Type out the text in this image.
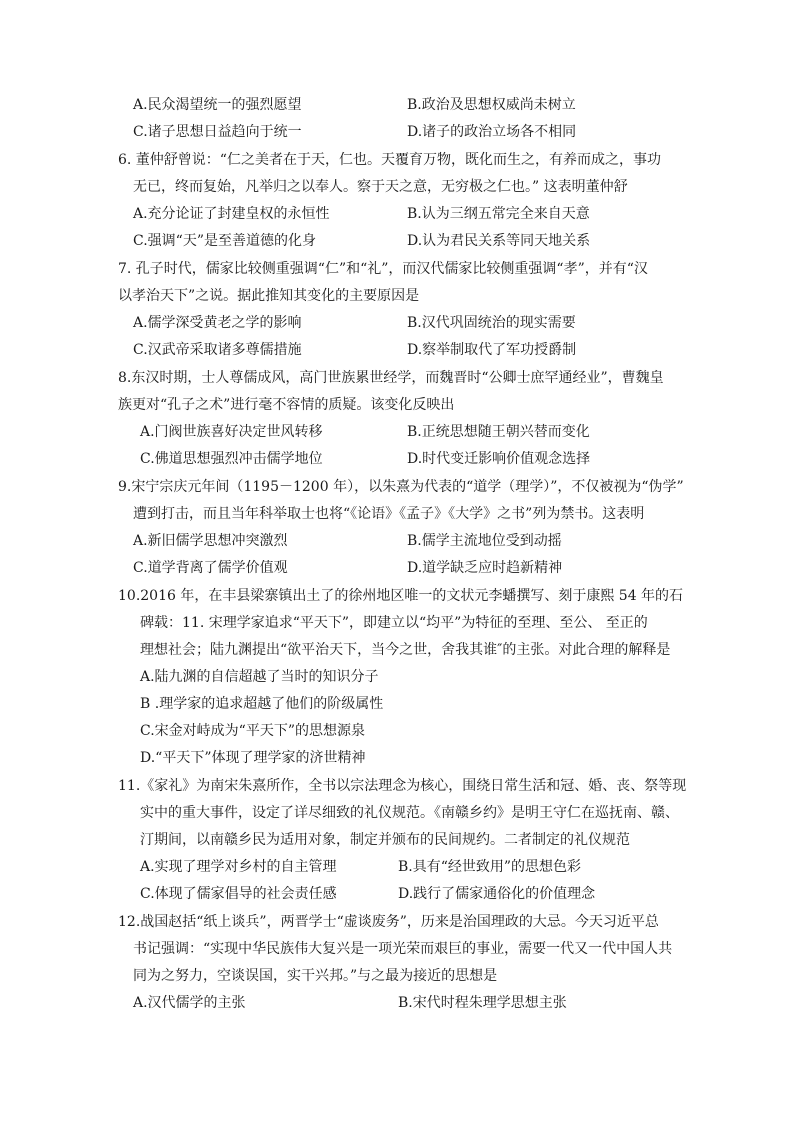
A.民众渴望统一的强烈愿望	B.政治及思想权威尚未树立
C.诸子思想日益趋向于统一	D.诸子的政治立场各不相同
6. 董仲舒曾说：“仁之美者在于天，仁也。天覆育万物，既化而生之，有养而成之，事功
无已，终而复始，凡举归之以奉人。察于天之意，无穷极之仁也。” 这表明董仲舒
A.充分论证了封建皇权的永恒性	B.认为三纲五常完全来自天意
C.强调“天”是至善道德的化身	D.认为君民关系等同天地关系
7. 孔子时代，儒家比较侧重强调“仁”和“礼”，而汉代儒家比较侧重强调“孝”，并有“汉
以孝治天下”之说。据此推知其变化的主要原因是
A.儒学深受黄老之学的影响	B.汉代巩固统治的现实需要
C.汉武帝采取诸多尊儒措施	D.察举制取代了军功授爵制
8.东汉时期，士人尊儒成风，高门世族累世经学，而魏晋时“公卿士庶罕通经业”，曹魏皇
族更对“孔子之术”进行毫不容情的质疑。该变化反映出
A.门阀世族喜好决定世风转移	B.正统思想随王朝兴替而变化
C.佛道思想强烈冲击儒学地位	D.时代变迁影响价值观念选择
9.宋宁宗庆元年间（1195－1200 年），以朱熹为代表的“道学（理学）”，不仅被视为“伪学”
遭到打击，而且当年科举取士也将“《论语》《孟子》《大学》之书”列为禁书。这表明
A.新旧儒学思想冲突激烈	B.儒学主流地位受到动摇
C.道学背离了儒学价值观	D.道学缺乏应时趋新精神
10.2016 年，在丰县梁寨镇出土了的徐州地区唯一的文状元李蟠撰写、刻于康熙 54 年的石
碑载：11. 宋理学家追求“平天下”，即建立以“均平”为特征的至理、至公、 至正的
理想社会；陆九渊提出“欲平治天下，当今之世，舍我其谁″的主张。对此合理的解释是
A.陆九渊的自信超越了当时的知识分子
B .理学家的追求超越了他们的阶级属性
C.宋金对峙成为“平天下”的思想源泉
D.“平天下”体现了理学家的济世精神
11.《家礼》为南宋朱熹所作，全书以宗法理念为核心，围绕日常生活和冠、婚、丧、祭等现
实中的重大事件，设定了详尽细致的礼仪规范。《南赣乡约》是明王守仁在巡抚南、赣、
汀期间，以南赣乡民为适用对象，制定并颁布的民间规约。二者制定的礼仪规范
A.实现了理学对乡村的自主管理	B.具有“经世致用”的思想色彩
C.体现了儒家倡导的社会责任感	D.践行了儒家通俗化的价值理念
12.战国赵括“纸上谈兵”，两晋学士“虚谈废务”，历来是治国理政的大忌。今天习近平总
书记强调：“实现中华民族伟大复兴是一项光荣而艰巨的事业，需要一代又一代中国人共
同为之努力，空谈误国，实干兴邦。”与之最为接近的思想是
A.汉代儒学的主张	B.宋代时程朱理学思想主张
